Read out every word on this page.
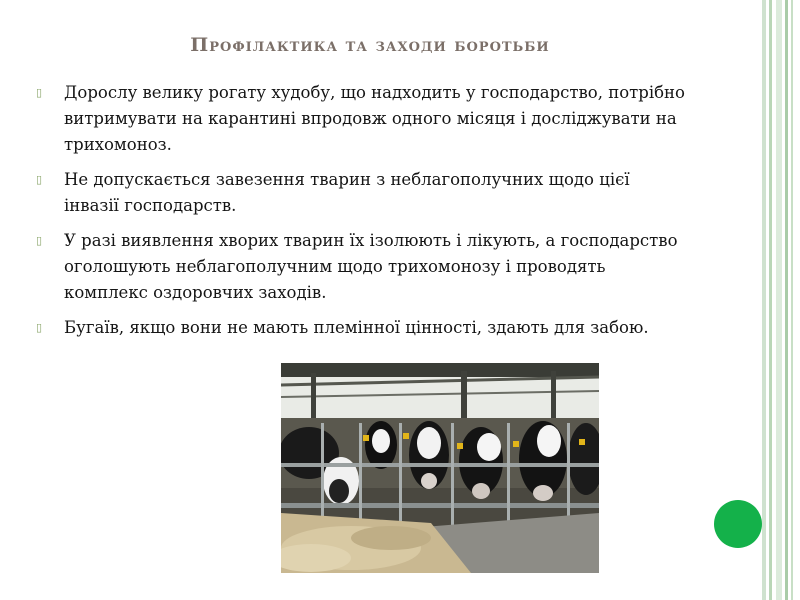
Профілактика та заходи боротьби
▯ Дорослу велику рогату худобу, що надходить у господарство, потрібно витримувати на карантині впродовж одного місяця і досліджувати на трихомоноз.
▯ Не допускається завезення тварин з неблагополучних щодо цієї інвазії господарств.
▯ У разі виявлення хворих тварин їх ізолюють і лікують, а господарство оголошують неблагополучним щодо трихомонозу і проводять комплекс оздоровчих заходів.
▯ Бугаїв, якщо вони не мають племінної цінності, здають для забою.
